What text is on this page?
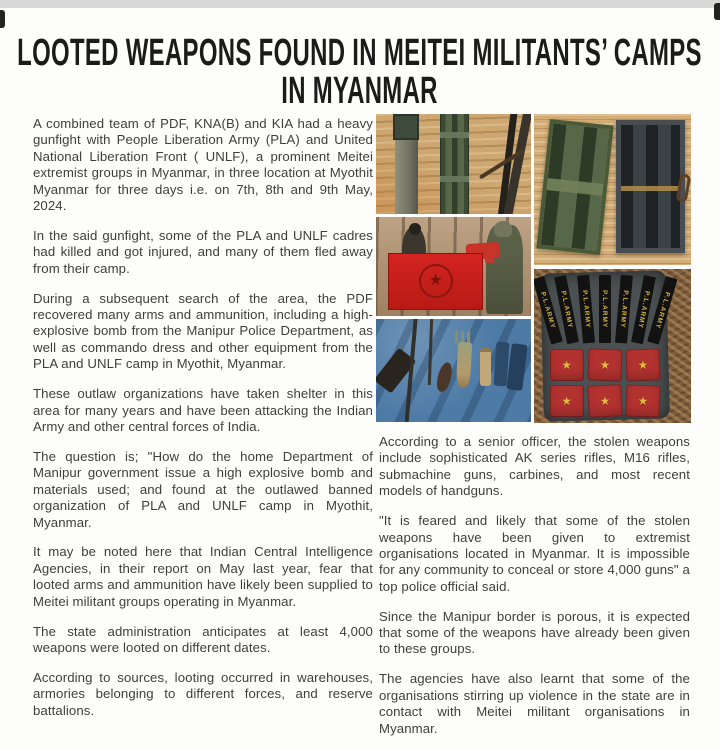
LOOTED WEAPONS FOUND IN MEITEI MILITANTS’ CAMPS
IN MYANMAR

A combined team of PDF, KNA(B) and KIA had a heavy gunfight with People Liberation Army (PLA) and United National Liberation Front ( UNLF), a prominent Meitei extremist groups in Myanmar, in three location at Myothit Myanmar for three days i.e. on 7th, 8th and 9th May, 2024.

In the said gunfight, some of the PLA and UNLF cadres had killed and got injured, and many of them fled away from their camp.

During a subsequent search of the area, the PDF recovered many arms and ammunition, including a high-explosive bomb from the Manipur Police Department, as well as commando dress and other equipment from the PLA and UNLF camp in Myothit, Myanmar.

These outlaw organizations have taken shelter in this area for many years and have been attacking the Indian Army and other central forces of India.

The question is; "How do the home Department of Manipur government issue a high explosive bomb and materials used; and found at the outlawed banned organization of PLA and UNLF camp in Myothit, Myanmar.

It may be noted here that Indian Central Intelligence Agencies, in their report on May last year, fear that looted arms and ammunition have likely been supplied to Meitei militant groups operating in Myanmar.

The state administration anticipates at least 4,000 weapons were looted on different dates.

According to sources, looting occurred in warehouses, armories belonging to different forces, and reserve battalions.

★
P.L.ARMY P.L.ARMY P.L.ARMY P.L.ARMY P.L.ARMY P.L.ARMY P.L.ARMY
★ ★ ★
★ ★ ★

According to a senior officer, the stolen weapons include sophisticated AK series rifles, M16 rifles, submachine guns, carbines, and most recent models of handguns.

"It is feared and likely that some of the stolen weapons have been given to extremist organisations located in Myanmar. It is impossible for any community to conceal or store 4,000 guns" a top police official said.

Since the Manipur border is porous, it is expected that some of the weapons have already been given to these groups.

The agencies have also learnt that some of the organisations stirring up violence in the state are in contact with Meitei militant organisations in Myanmar.
